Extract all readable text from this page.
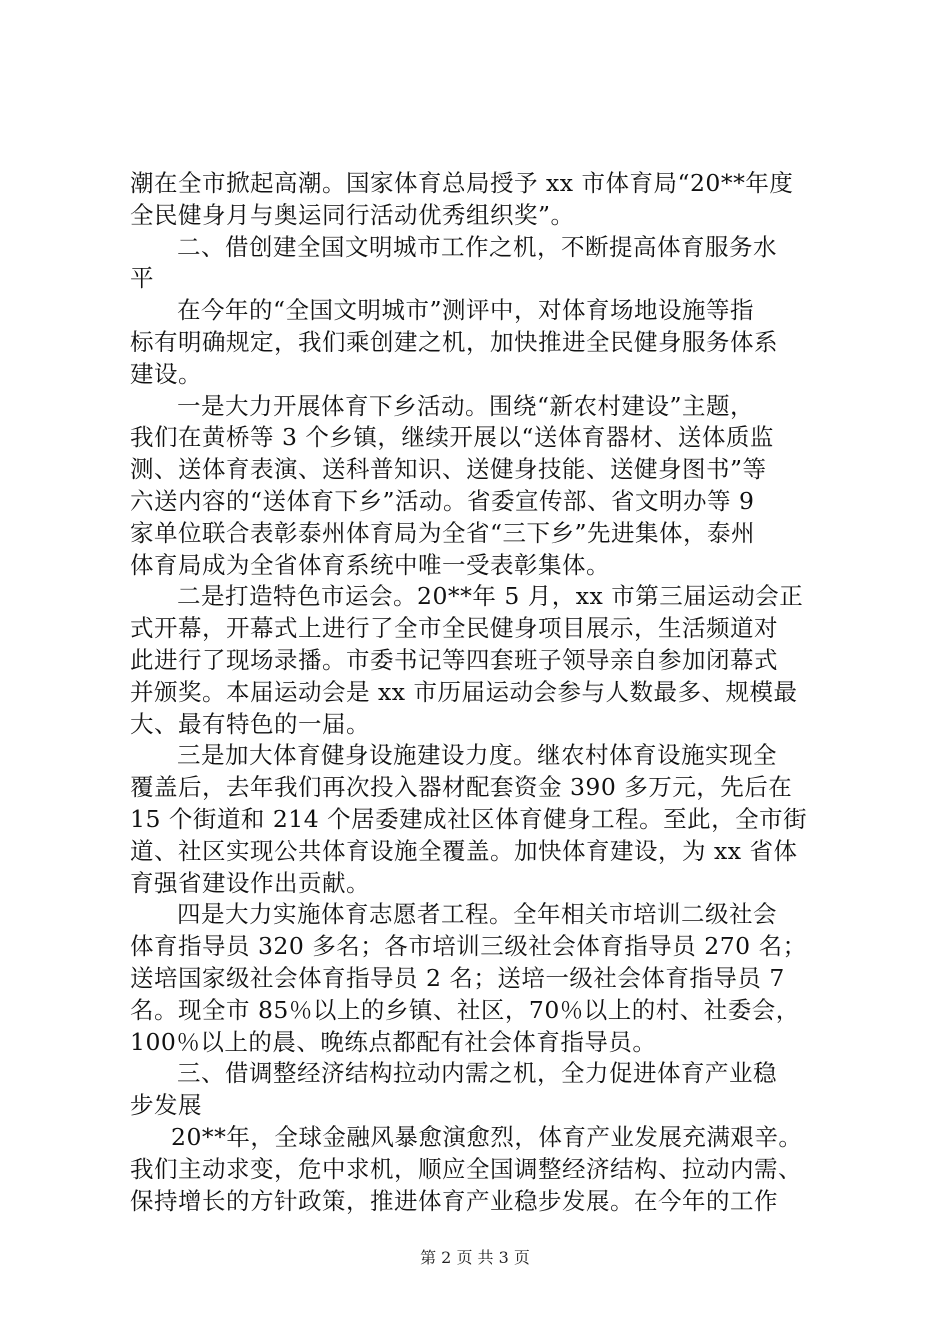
潮在全市掀起高潮。国家体育总局授予 xx 市体育局“20**年度
全民健身月与奥运同行活动优秀组织奖”。
二、借创建全国文明城市工作之机，不断提高体育服务水
平
在今年的“全国文明城市”测评中，对体育场地设施等指
标有明确规定，我们乘创建之机，加快推进全民健身服务体系
建设。
一是大力开展体育下乡活动。围绕“新农村建设”主题，
我们在黄桥等 3 个乡镇，继续开展以“送体育器材、送体质监
测、送体育表演、送科普知识、送健身技能、送健身图书”等
六送内容的“送体育下乡”活动。省委宣传部、省文明办等 9
家单位联合表彰泰州体育局为全省“三下乡”先进集体，泰州
体育局成为全省体育系统中唯一受表彰集体。
二是打造特色市运会。20**年 5 月，xx 市第三届运动会正
式开幕，开幕式上进行了全市全民健身项目展示，生活频道对
此进行了现场录播。市委书记等四套班子领导亲自参加闭幕式
并颁奖。本届运动会是 xx 市历届运动会参与人数最多、规模最
大、最有特色的一届。
三是加大体育健身设施建设力度。继农村体育设施实现全
覆盖后，去年我们再次投入器材配套资金 390 多万元，先后在
15 个街道和 214 个居委建成社区体育健身工程。至此，全市街
道、社区实现公共体育设施全覆盖。加快体育建设，为 xx 省体
育强省建设作出贡献。
四是大力实施体育志愿者工程。全年相关市培训二级社会
体育指导员 320 多名；各市培训三级社会体育指导员 270 名；
送培国家级社会体育指导员 2 名；送培一级社会体育指导员 7
名。现全市 85％以上的乡镇、社区，70％以上的村、社委会，
100％以上的晨、晚练点都配有社会体育指导员。
三、借调整经济结构拉动内需之机，全力促进体育产业稳
步发展
20**年，全球金融风暴愈演愈烈，体育产业发展充满艰辛。
我们主动求变，危中求机，顺应全国调整经济结构、拉动内需、
保持增长的方针政策，推进体育产业稳步发展。在今年的工作
第 2 页 共 3 页
